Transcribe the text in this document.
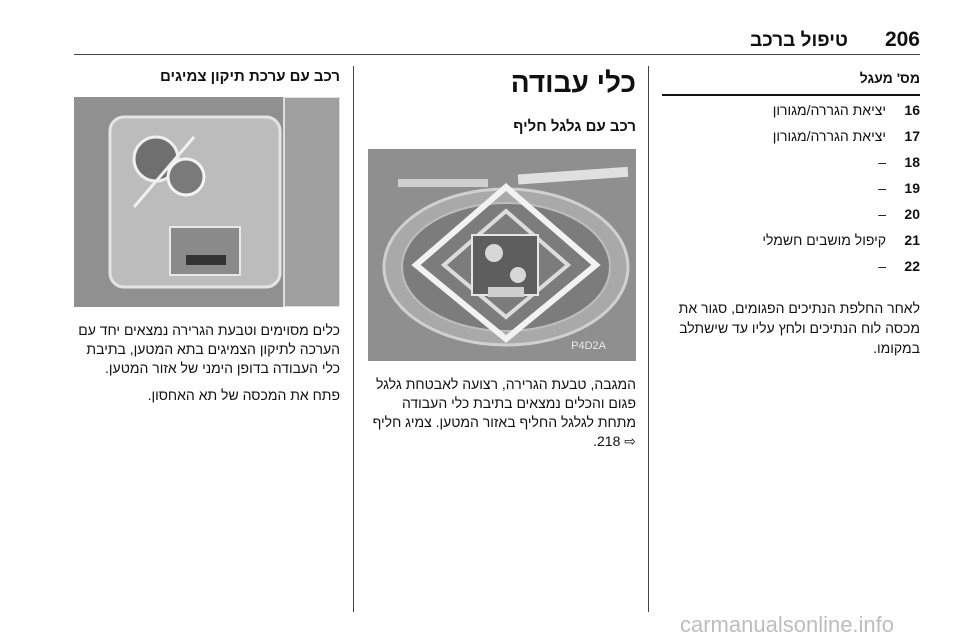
206
טיפול ברכב
מס' מעגל
16
יציאת הגררה/מגורון
17
יציאת הגררה/מגורון
18
–
19
–
20
–
21
קיפול מושבים חשמלי
22
–
לאחר החלפת הנתיכים הפגומים, סגור את מכסה לוח הנתיכים ולחץ עליו עד שישתלב במקומו.
כלי עבודה
רכב עם גלגל חליף
P4D2A
המגבה, טבעת הגרירה, רצועה לאבטחת גלגל פגום והכלים נמצאים בתיבת כלי העבודה מתחת לגלגל החליף באזור המטען. צמיג חליף ⇨ 218.
רכב עם ערכת תיקון צמיגים
כלים מסוימים וטבעת הגרירה נמצאים יחד עם הערכה לתיקון הצמיגים בתא המטען, בתיבת כלי העבודה בדופן הימני של אזור המטען.
פתח את המכסה של תא האחסון.
carmanualsonline.info
